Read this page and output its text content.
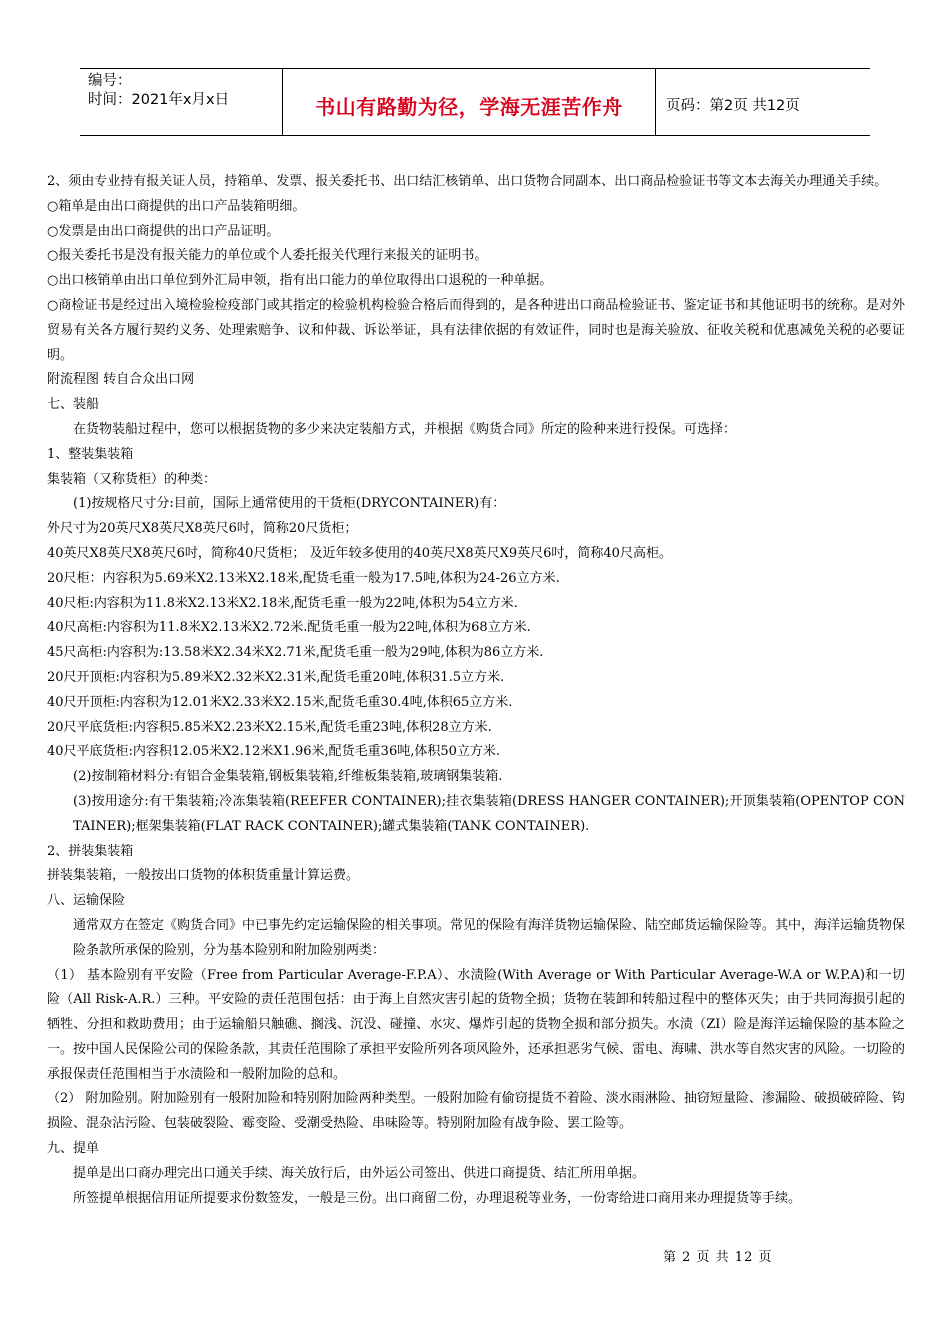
编号：
时间：2021年x月x日	书山有路勤为径，学海无涯苦作舟	页码：第2页 共12页

2、须由专业持有报关证人员，持箱单、发票、报关委托书、出口结汇核销单、出口货物合同副本、出口商品检验证书等文本去海关办理通关手续。

○箱单是由出口商提供的出口产品装箱明细。

○发票是由出口商提供的出口产品证明。

○报关委托书是没有报关能力的单位或个人委托报关代理行来报关的证明书。

○出口核销单由出口单位到外汇局申领，指有出口能力的单位取得出口退税的一种单据。

○商检证书是经过出入境检验检疫部门或其指定的检验机构检验合格后而得到的，是各种进出口商品检验证书、鉴定证书和其他证明书的统称。是对外贸易有关各方履行契约义务、处理索赔争、议和仲裁、诉讼举证，具有法律依据的有效证件，同时也是海关验放、征收关税和优惠减免关税的必要证明。

附流程图 转自合众出口网

七、装船

在货物装船过程中，您可以根据货物的多少来决定装船方式，并根据《购货合同》所定的险种来进行投保。可选择：

1、整装集装箱

集装箱（又称货柜）的种类：

(1)按规格尺寸分:目前，国际上通常使用的干货柜(DRYCONTAINER)有：

外尺寸为20英尺X8英尺X8英尺6吋，简称20尺货柜；

40英尺X8英尺X8英尺6吋，简称40尺货柜； 及近年较多使用的40英尺X8英尺X9英尺6吋，简称40尺高柜。

20尺柜：内容积为5.69米X2.13米X2.18米,配货毛重一般为17.5吨,体积为24-26立方米.

40尺柜:内容积为11.8米X2.13米X2.18米,配货毛重一般为22吨,体积为54立方米.

40尺高柜:内容积为11.8米X2.13米X2.72米.配货毛重一般为22吨,体积为68立方米.

45尺高柜:内容积为:13.58米X2.34米X2.71米,配货毛重一般为29吨,体积为86立方米.

20尺开顶柜:内容积为5.89米X2.32米X2.31米,配货毛重20吨,体积31.5立方米.

40尺开顶柜:内容积为12.01米X2.33米X2.15米,配货毛重30.4吨,体积65立方米.

20尺平底货柜:内容积5.85米X2.23米X2.15米,配货毛重23吨,体积28立方米.

40尺平底货柜:内容积12.05米X2.12米X1.96米,配货毛重36吨,体积50立方米.

(2)按制箱材料分:有铝合金集装箱,钢板集装箱,纤维板集装箱,玻璃钢集装箱.

(3)按用途分:有干集装箱;冷冻集装箱(REEFER CONTAINER);挂衣集装箱(DRESS HANGER CONTAINER);开顶集装箱(OPENTOP CONTAINER);框架集装箱(FLAT RACK CONTAINER);罐式集装箱(TANK CONTAINER).

2、拼装集装箱

拼装集装箱，一般按出口货物的体积货重量计算运费。

八、运输保险

通常双方在签定《购货合同》中已事先约定运输保险的相关事项。常见的保险有海洋货物运输保险、陆空邮货运输保险等。其中，海洋运输货物保险条款所承保的险别，分为基本险别和附加险别两类：

（1） 基本险别有平安险（Free from Particular Average-F.P.A）、水渍险(With Average or With Particular Average-W.A or W.P.A)和一切险（All Risk-A.R.）三种。平安险的责任范围包括：由于海上自然灾害引起的货物全损；货物在装卸和转船过程中的整体灭失；由于共同海损引起的牺牲、分担和救助费用；由于运输船只触礁、搁浅、沉没、碰撞、水灾、爆炸引起的货物全损和部分损失。水渍（ZI）险是海洋运输保险的基本险之一。按中国人民保险公司的保险条款，其责任范围除了承担平安险所列各项风险外，还承担恶劣气候、雷电、海啸、洪水等自然灾害的风险。一切险的承报保责任范围相当于水渍险和一般附加险的总和。

（2） 附加险别。附加险别有一般附加险和特别附加险两种类型。一般附加险有偷窃提货不着险、淡水雨淋险、抽窃短量险、渗漏险、破损破碎险、钩损险、混杂沾污险、包装破裂险、霉变险、受潮受热险、串味险等。特别附加险有战争险、罢工险等。

九、提单

提单是出口商办理完出口通关手续、海关放行后，由外运公司签出、供进口商提货、结汇所用单据。

所签提单根据信用证所提要求份数签发，一般是三份。出口商留二份，办理退税等业务，一份寄给进口商用来办理提货等手续。

第 2 页 共 12 页
